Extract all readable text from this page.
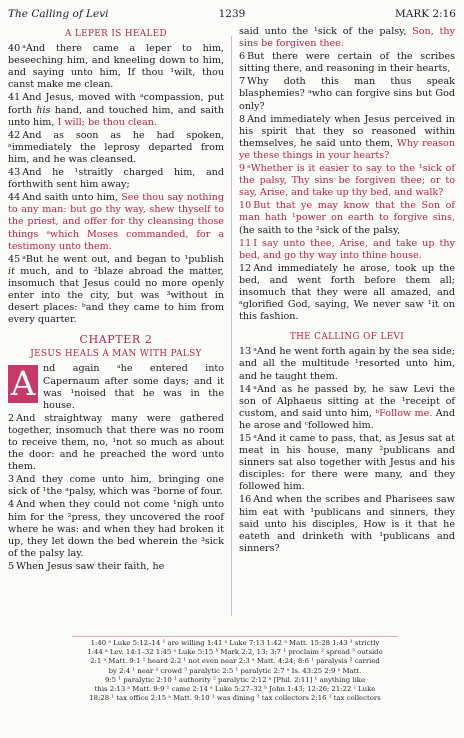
The Calling of Levi	1239	MARK 2:16
A LEPER IS HEALED

40 ᵃAnd there came a leper to him, beseeching him, and kneeling down to him, and saying unto him, If thou ¹wilt, thou canst make me clean.

41 And Jesus, moved with ᵃcompassion, put forth his hand, and touched him, and saith unto him, I will; be thou clean.

42 And as soon as he had spoken, ᵃimmediately the leprosy departed from him, and he was cleansed.

43 And he ¹straitly charged him, and forthwith sent him away;

44 And saith unto him, See thou say nothing to any man: but go thy way, shew thyself to the priest, and offer for thy cleansing those things ᵃwhich Moses commanded, for a testimony unto them.

45 ᵃBut he went out, and began to ¹publish it much, and to ²blaze abroad the matter, insomuch that Jesus could no more openly enter into the city, but was ³without in desert places: ᵇand they came to him from every quarter.

CHAPTER 2
JESUS HEALS A MAN WITH PALSY

A nd again ᵃhe entered into Capernaum after some days; and it was ¹noised that he was in the house.

2 And straightway many were gathered together, insomuch that there was no room to receive them, no, ¹not so much as about the door: and he preached the word unto them.

3 And they come unto him, bringing one sick of ¹the ᵃpalsy, which was ²borne of four.

4 And when they could not come ¹nigh unto him for the ²press, they uncovered the roof where he was: and when they had broken it up, they let down the bed wherein the ³sick of the palsy lay.

5 When Jesus saw their faith, he

said unto the ¹sick of the palsy, Son, thy sins be forgiven thee.

6 But there were certain of the scribes sitting there, and reasoning in their hearts,

7 Why doth this man thus speak blasphemies? ᵃwho can forgive sins but God only?

8 And immediately when Jesus perceived in his spirit that they so reasoned within themselves, he said unto them, Why reason ye these things in your hearts?

9 ᵃWhether is it easier to say to the ¹sick of the palsy, Thy sins be forgiven thee; or to say, Arise, and take up thy bed, and walk?

10 But that ye may know that the Son of man hath ¹power on earth to forgive sins, (he saith to the ²sick of the palsy,

11 I say unto thee, Arise, and take up thy bed, and go thy way into thine house.

12 And immediately he arose, took up the bed, and went forth before them all; insomuch that they were all amazed, and ᵃglorified God, saying, We never saw ¹it on this fashion.

THE CALLING OF LEVI

13 ᵃAnd he went forth again by the sea side; and all the multitude ¹resorted unto him, and he taught them.

14 ᵃAnd as he passed by, he saw Levi the son of Alphaeus sitting at the ¹receipt of custom, and said unto him, ᵇFollow me. And he arose and ᶜfollowed him.

15 ᵃAnd it came to pass, that, as Jesus sat at meat in his house, many ²publicans and sinners sat also together with Jesus and his disciples: for there were many, and they followed him.

16 And when the scribes and Pharisees saw him eat with ¹publicans and sinners, they said unto his disciples, How is it that he eateth and drinketh with ¹publicans and sinners?

1:40 ᵃ Luke 5:12–14 ¹ are willing 1:41 ᵃ Luke 7:13 1:42 ᵃ Matt. 15:28 1:43 ¹ strictly

1:44 ᵃ Lev. 14:1–32 1:45 ᵃ Luke 5:15 ᵇ Mark 2:2, 13; 3:7 ¹ proclaim ² spread ³ outside

2:1 ᵃ Matt. 9:1 ¹ heard 2:2 ¹ not even near 2:3 ᵃ Matt. 4:24; 8:6 ¹ paralysis ² carried

by 2:4 ¹ near ² crowd ³ paralytic 2:5 ¹ paralytic 2:7 ᵃ Is. 43:25 2:9 ᵃ Matt.

9:5 ¹ paralytic 2:10 ¹ authority ² paralytic 2:12 ᵃ [Phil. 2:11] ¹ anything like

this 2:13 ᵃ Matt. 9:9 ¹ came 2:14 ᵃ Luke 5:27–32 ᵇ John 1:43; 12:26; 21:22 ᶜ Luke

18:28 ¹ tax office 2:15 ᵃ Matt. 9:10 ¹ was dining ² tax collectors 2:16 ¹ tax collectors
